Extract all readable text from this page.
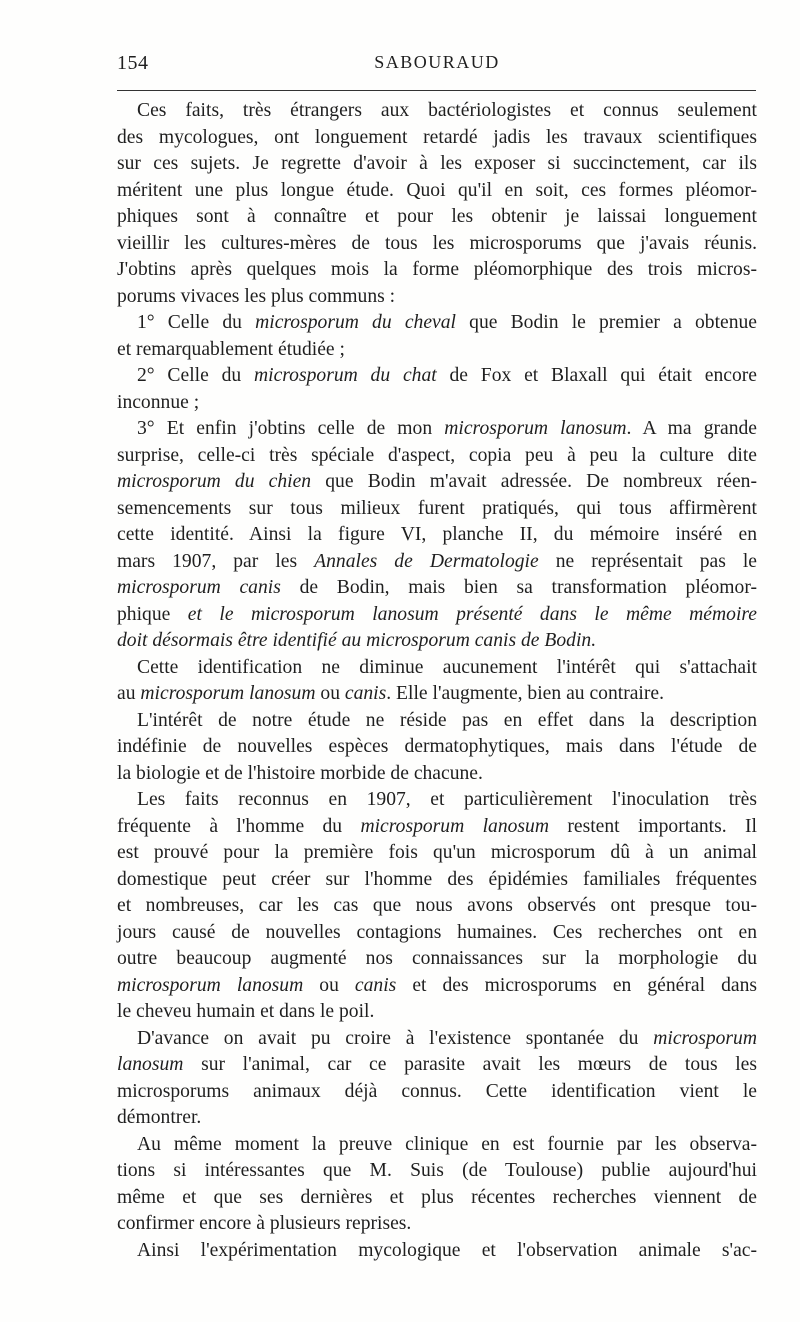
154	SABOURAUD
Ces faits, très étrangers aux bactériologistes et connus seulement
des mycologues, ont longuement retardé jadis les travaux scientifiques
sur ces sujets. Je regrette d'avoir à les exposer si succinctement, car ils
méritent une plus longue étude. Quoi qu'il en soit, ces formes pléomor-
phiques sont à connaître et pour les obtenir je laissai longuement
vieillir les cultures-mères de tous les microsporums que j'avais réunis.
J'obtins après quelques mois la forme pléomorphique des trois micros-
porums vivaces les plus communs :
1° Celle du microsporum du cheval que Bodin le premier a obtenue
et remarquablement étudiée ;
2° Celle du microsporum du chat de Fox et Blaxall qui était encore
inconnue ;
3° Et enfin j'obtins celle de mon microsporum lanosum. A ma grande
surprise, celle-ci très spéciale d'aspect, copia peu à peu la culture dite
microsporum du chien que Bodin m'avait adressée. De nombreux réen-
semencements sur tous milieux furent pratiqués, qui tous affirmèrent
cette identité. Ainsi la figure VI, planche II, du mémoire inséré en
mars 1907, par les Annales de Dermatologie ne représentait pas le
microsporum canis de Bodin, mais bien sa transformation pléomor-
phique et le microsporum lanosum présenté dans le même mémoire
doit désormais être identifié au microsporum canis de Bodin.
Cette identification ne diminue aucunement l'intérêt qui s'attachait
au microsporum lanosum ou canis. Elle l'augmente, bien au contraire.
L'intérêt de notre étude ne réside pas en effet dans la description
indéfinie de nouvelles espèces dermatophytiques, mais dans l'étude de
la biologie et de l'histoire morbide de chacune.
Les faits reconnus en 1907, et particulièrement l'inoculation très
fréquente à l'homme du microsporum lanosum restent importants. Il
est prouvé pour la première fois qu'un microsporum dû à un animal
domestique peut créer sur l'homme des épidémies familiales fréquentes
et nombreuses, car les cas que nous avons observés ont presque tou-
jours causé de nouvelles contagions humaines. Ces recherches ont en
outre beaucoup augmenté nos connaissances sur la morphologie du
microsporum lanosum ou canis et des microsporums en général dans
le cheveu humain et dans le poil.
D'avance on avait pu croire à l'existence spontanée du microsporum
lanosum sur l'animal, car ce parasite avait les mœurs de tous les
microsporums animaux déjà connus. Cette identification vient le
démontrer.
Au même moment la preuve clinique en est fournie par les observa-
tions si intéressantes que M. Suis (de Toulouse) publie aujourd'hui
même et que ses dernières et plus récentes recherches viennent de
confirmer encore à plusieurs reprises.
Ainsi l'expérimentation mycologique et l'observation animale s'ac-
